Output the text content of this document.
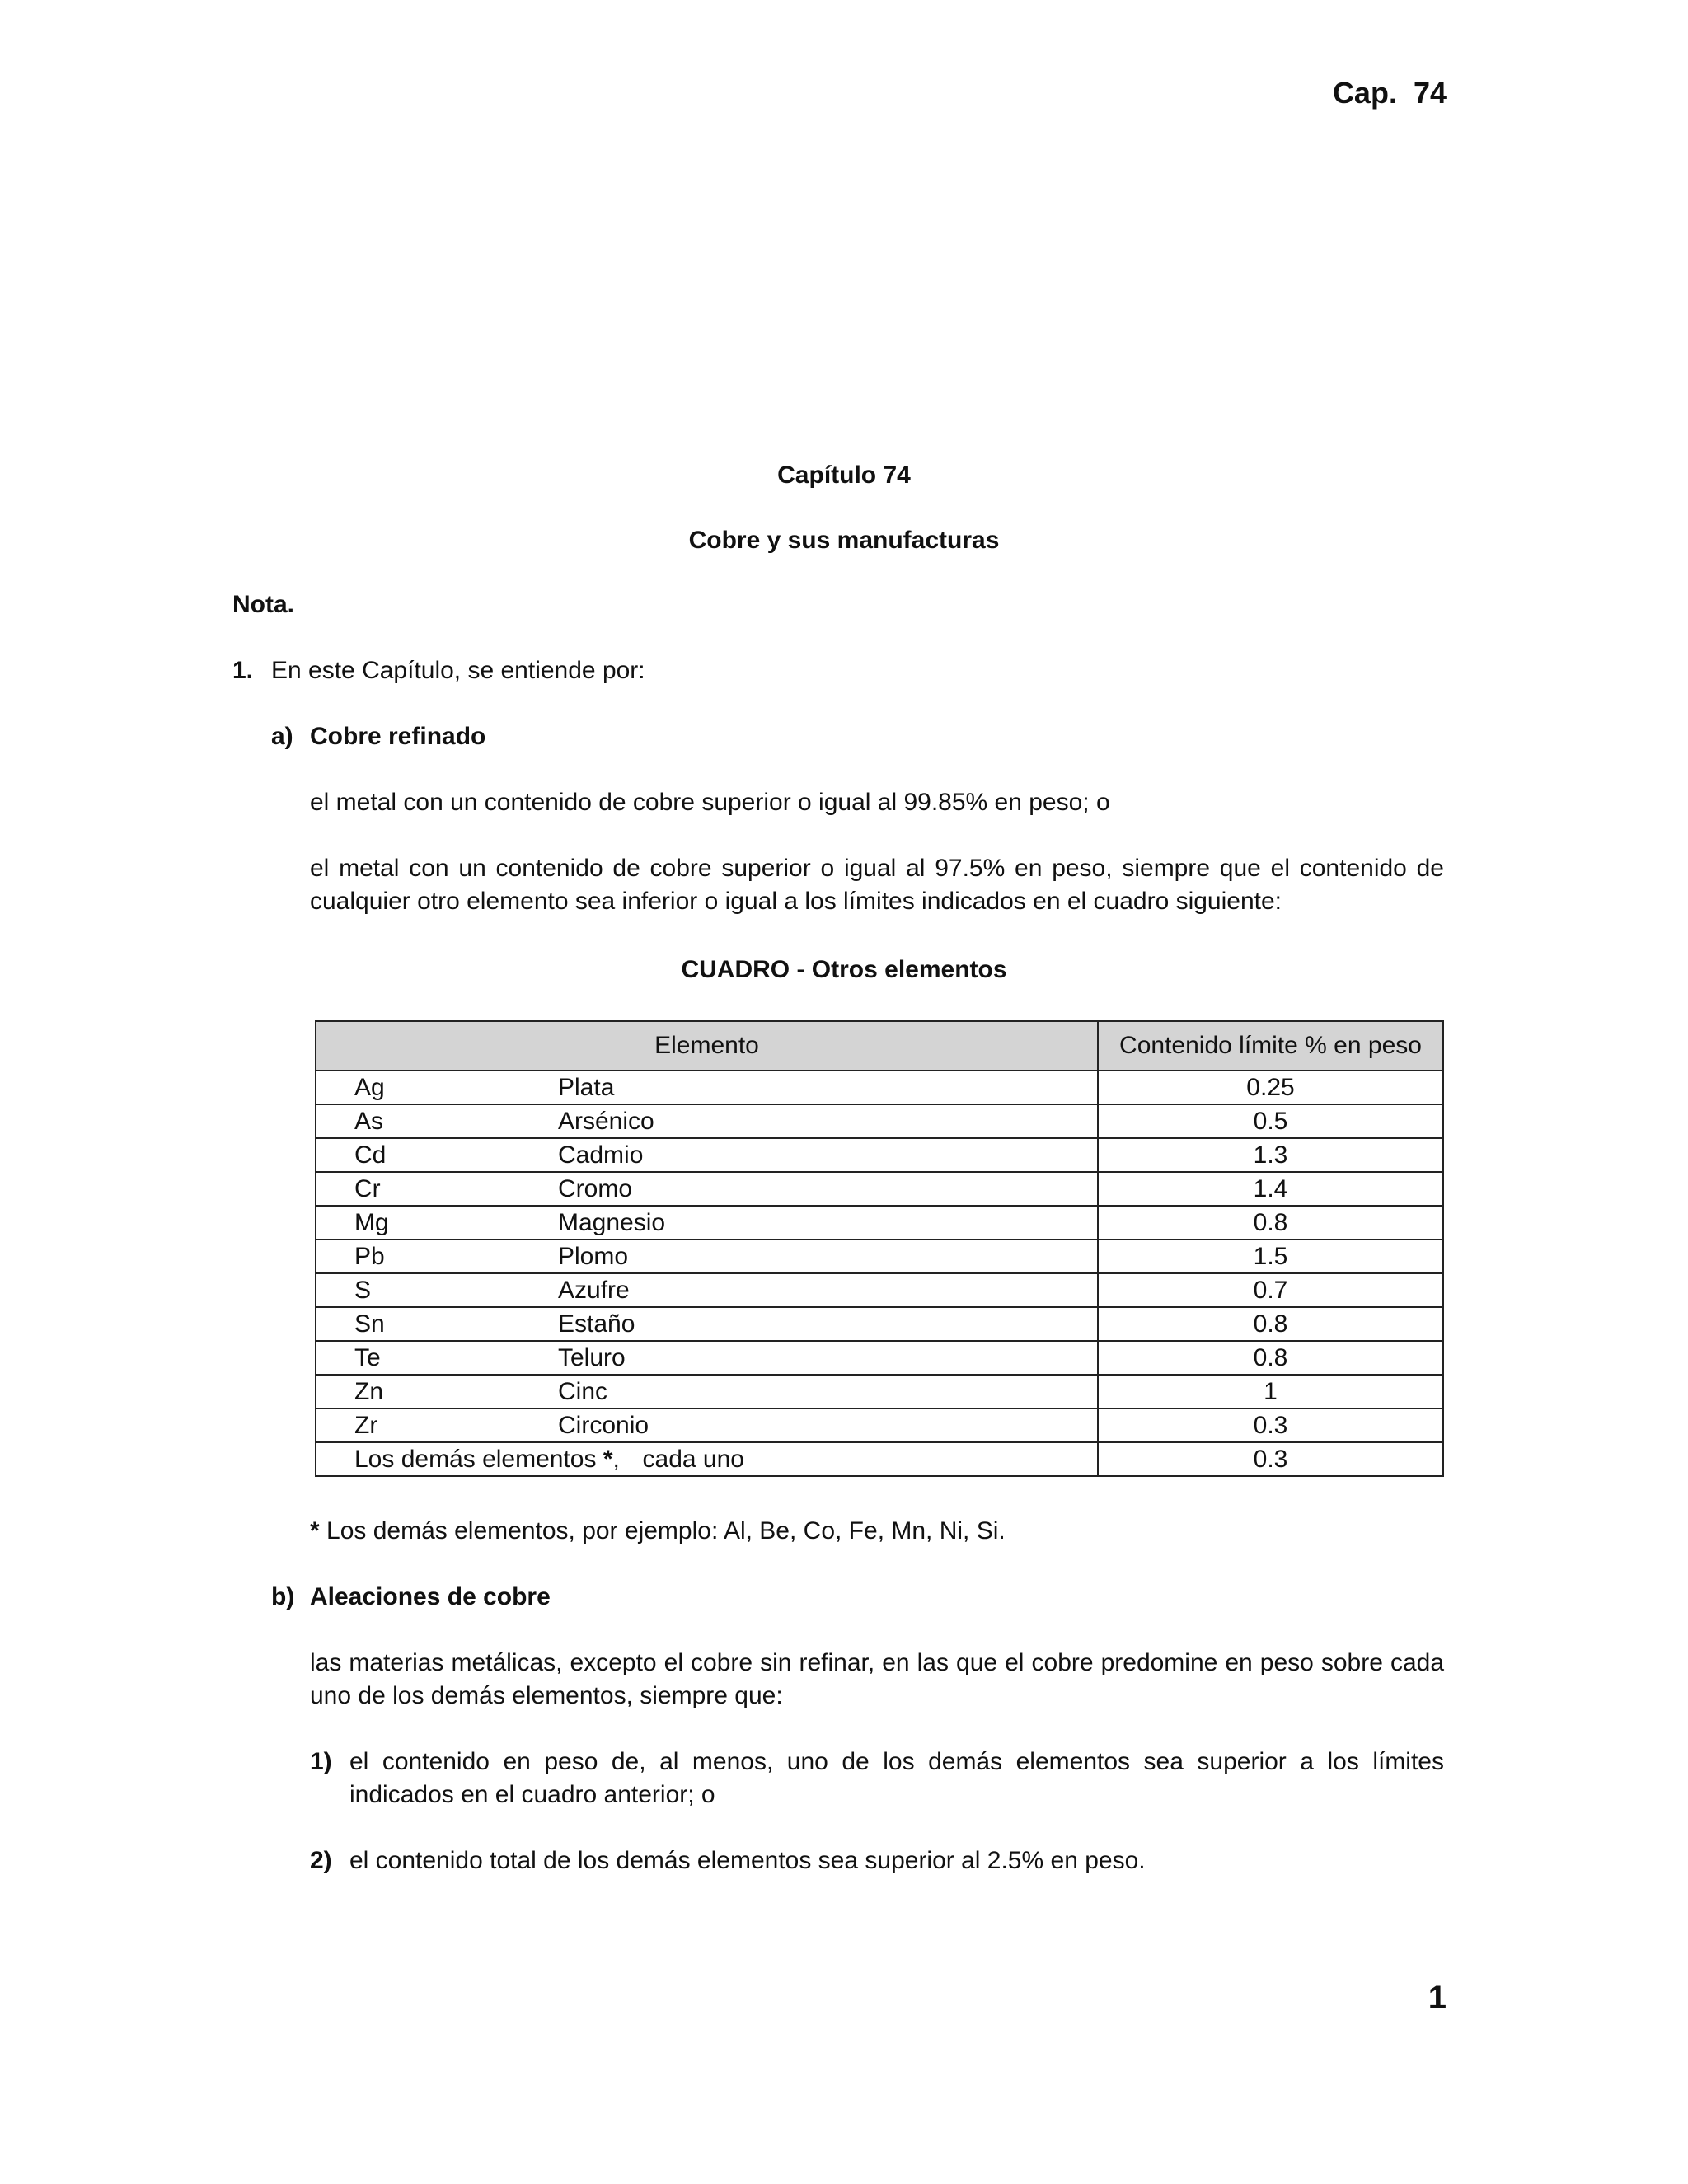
Cap.  74
Capítulo 74
Cobre y sus manufacturas
Nota.
1. En este Capítulo, se entiende por:
a) Cobre refinado
el metal con un contenido de cobre superior o igual al 99.85% en peso; o
el metal con un contenido de cobre superior o igual al 97.5% en peso, siempre que el contenido de cualquier otro elemento sea inferior o igual a los límites indicados en el cuadro siguiente:
CUADRO - Otros elementos
Elemento	Contenido límite % en peso
Ag Plata	0.25
As Arsénico	0.5
Cd Cadmio	1.3
Cr Cromo	1.4
Mg Magnesio	0.8
Pb Plomo	1.5
S Azufre	0.7
Sn Estaño	0.8
Te Teluro	0.8
Zn Cinc	1
Zr Circonio	0.3
Los demás elementos *, cada uno	0.3
* Los demás elementos, por ejemplo: Al, Be, Co, Fe, Mn, Ni, Si.
b) Aleaciones de cobre
las materias metálicas, excepto el cobre sin refinar, en las que el cobre predomine en peso sobre cada uno de los demás elementos, siempre que:
1) el contenido en peso de, al menos, uno de los demás elementos sea superior a los límites indicados en el cuadro anterior; o
2) el contenido total de los demás elementos sea superior al 2.5% en peso.
1
